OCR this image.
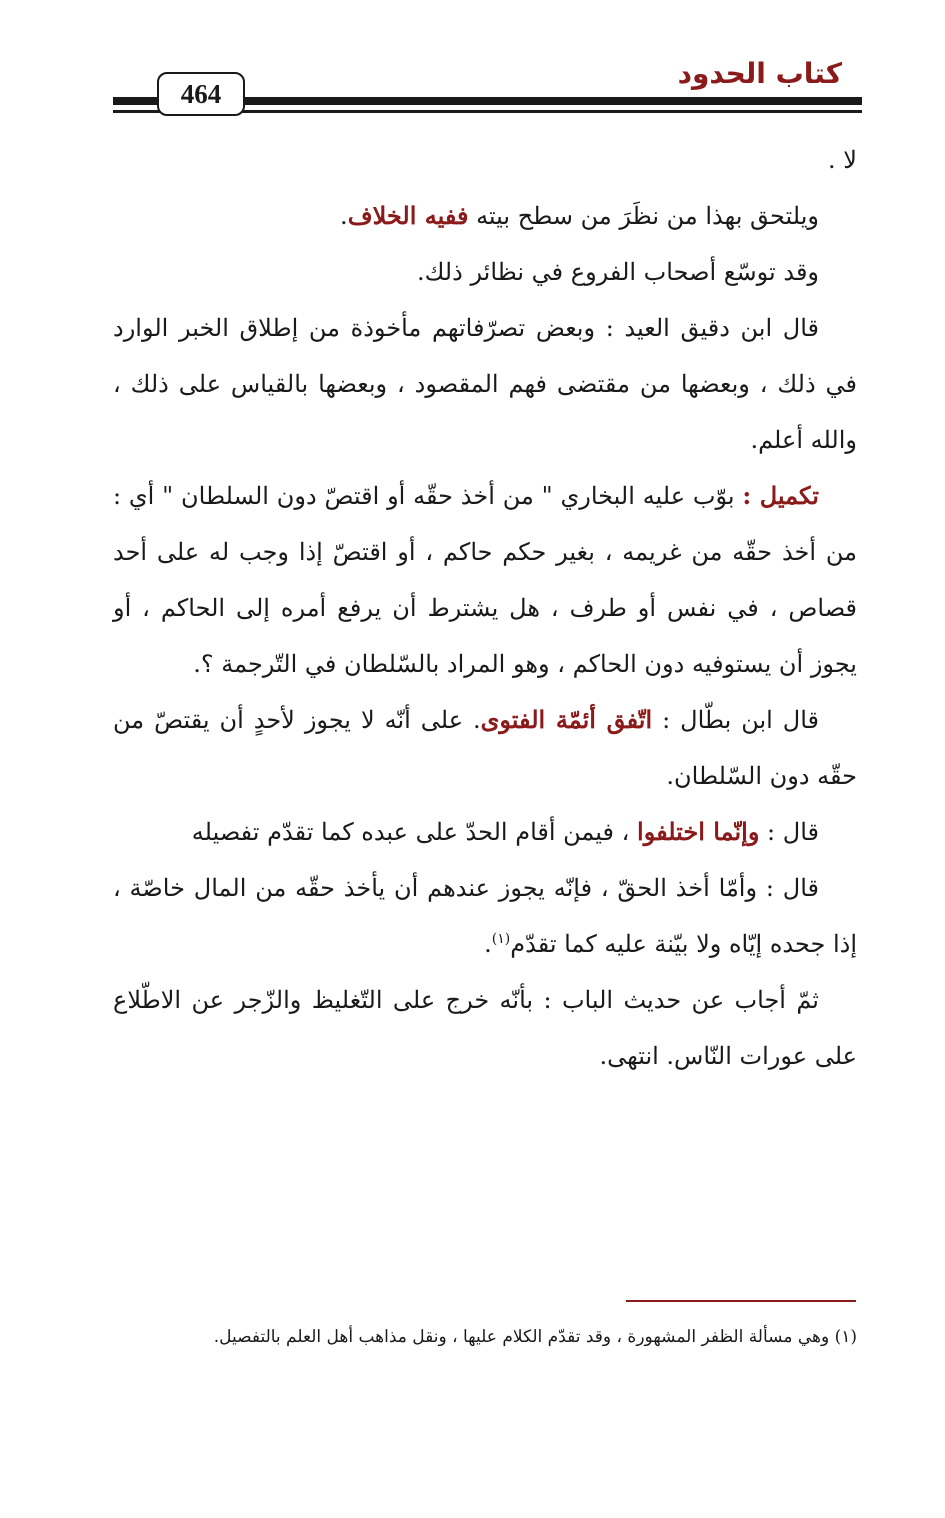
كتاب الحدود
464

لا .

ويلتحق بهذا من نظَرَ من سطح بيته ففيه الخلاف.

وقد توسّع أصحاب الفروع في نظائر ذلك.

قال ابن دقيق العيد : وبعض تصرّفاتهم مأخوذة من إطلاق الخبر الوارد في ذلك ، وبعضها من مقتضى فهم المقصود ، وبعضها بالقياس على ذلك ، والله أعلم.

تكميل : بوّب عليه البخاري " من أخذ حقّه أو اقتصّ دون السلطان " أي : من أخذ حقّه من غريمه ، بغير حكم حاكم ، أو اقتصّ إذا وجب له على أحد قصاص ، في نفس أو طرف ، هل يشترط أن يرفع أمره إلى الحاكم ، أو يجوز أن يستوفيه دون الحاكم ، وهو المراد بالسّلطان في التّرجمة ؟.

قال ابن بطّال : اتّفق أئمّة الفتوى. على أنّه لا يجوز لأحدٍ أن يقتصّ من حقّه دون السّلطان.

قال : وإنّما اختلفوا ، فيمن أقام الحدّ على عبده كما تقدّم تفصيله

قال : وأمّا أخذ الحقّ ، فإنّه يجوز عندهم أن يأخذ حقّه من المال خاصّة ، إذا جحده إيّاه ولا بيّنة عليه كما تقدّم$^{(١)}$.

ثمّ أجاب عن حديث الباب : بأنّه خرج على التّغليظ والزّجر عن الاطّلاع على عورات النّاس. انتهى.

(١) وهي مسألة الظفر المشهورة ، وقد تقدّم الكلام عليها ، ونقل مذاهب أهل العلم بالتفصيل.
